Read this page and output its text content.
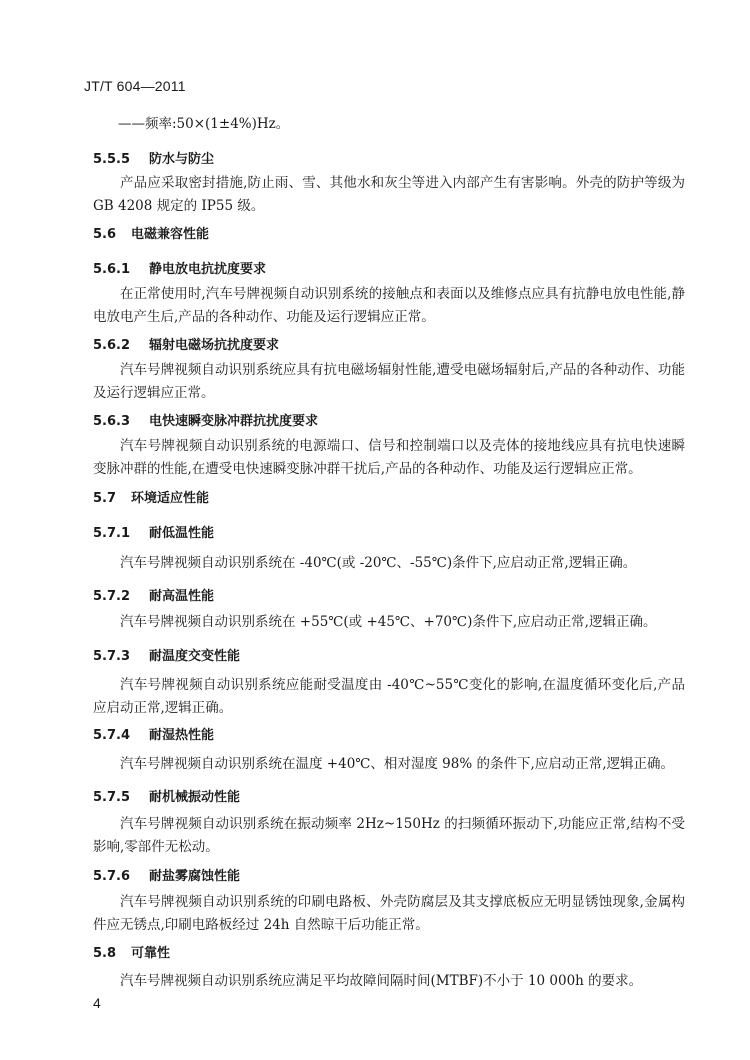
JT/T 604—2011
——频率:50×(1±4%)Hz。
5.5.5 防水与防尘
产品应采取密封措施,防止雨、雪、其他水和灰尘等进入内部产生有害影响。外壳的防护等级为 GB 4208 规定的 IP55 级。
5.6 电磁兼容性能
5.6.1 静电放电抗扰度要求
在正常使用时,汽车号牌视频自动识别系统的接触点和表面以及维修点应具有抗静电放电性能,静电放电产生后,产品的各种动作、功能及运行逻辑应正常。
5.6.2 辐射电磁场抗扰度要求
汽车号牌视频自动识别系统应具有抗电磁场辐射性能,遭受电磁场辐射后,产品的各种动作、功能及运行逻辑应正常。
5.6.3 电快速瞬变脉冲群抗扰度要求
汽车号牌视频自动识别系统的电源端口、信号和控制端口以及壳体的接地线应具有抗电快速瞬变脉冲群的性能,在遭受电快速瞬变脉冲群干扰后,产品的各种动作、功能及运行逻辑应正常。
5.7 环境适应性能
5.7.1 耐低温性能
汽车号牌视频自动识别系统在 -40℃(或 -20℃、-55℃)条件下,应启动正常,逻辑正确。
5.7.2 耐高温性能
汽车号牌视频自动识别系统在 +55℃(或 +45℃、+70℃)条件下,应启动正常,逻辑正确。
5.7.3 耐温度交变性能
汽车号牌视频自动识别系统应能耐受温度由 -40℃~55℃变化的影响,在温度循环变化后,产品应启动正常,逻辑正确。
5.7.4 耐湿热性能
汽车号牌视频自动识别系统在温度 +40℃、相对湿度 98% 的条件下,应启动正常,逻辑正确。
5.7.5 耐机械振动性能
汽车号牌视频自动识别系统在振动频率 2Hz~150Hz 的扫频循环振动下,功能应正常,结构不受影响,零部件无松动。
5.7.6 耐盐雾腐蚀性能
汽车号牌视频自动识别系统的印刷电路板、外壳防腐层及其支撑底板应无明显锈蚀现象,金属构件应无锈点,印刷电路板经过 24h 自然晾干后功能正常。
5.8 可靠性
汽车号牌视频自动识别系统应满足平均故障间隔时间(MTBF)不小于 10 000h 的要求。
4
